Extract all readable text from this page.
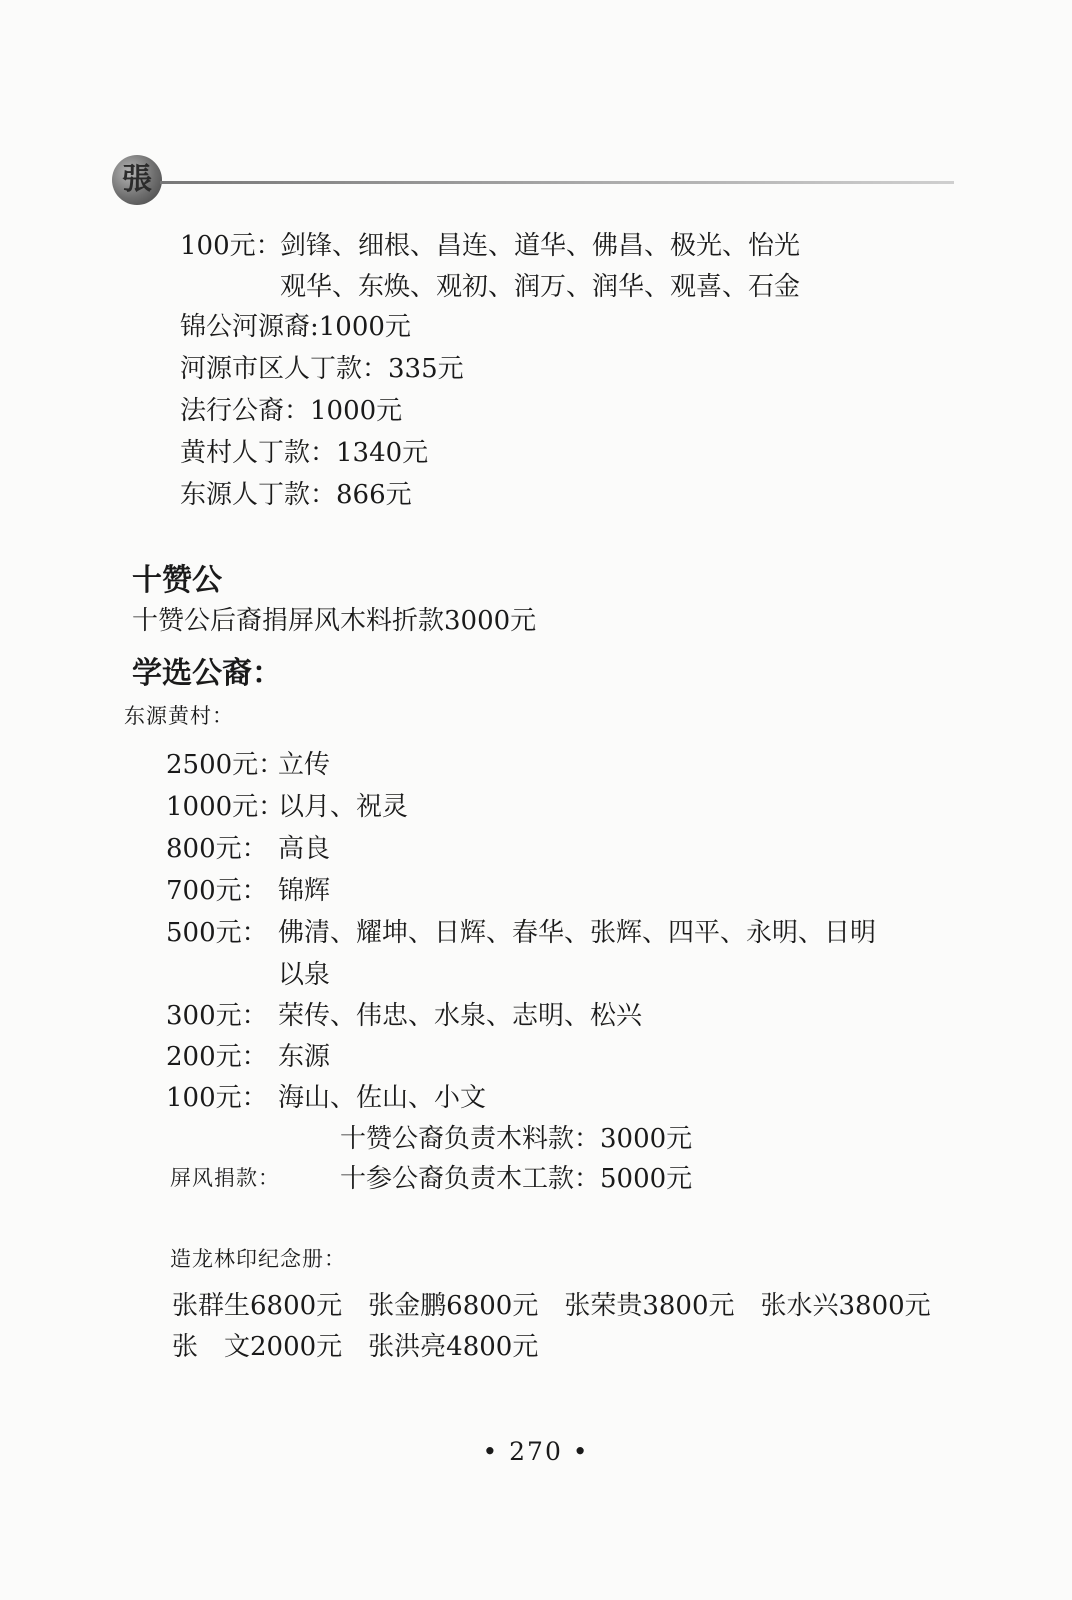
張
100元：剑锋、细根、昌连、道华、佛昌、极光、怡光
观华、东焕、观初、润万、润华、观喜、石金
锦公河源裔:1000元
河源市区人丁款：335元
法行公裔：1000元
黄村人丁款：1340元
东源人丁款：866元
十赞公
十赞公后裔捐屏风木料折款3000元
学选公裔：
东源黄村：
2500元：立传
1000元：以月、祝灵
800元： 高良
700元： 锦辉
500元： 佛清、耀坤、日辉、春华、张辉、四平、永明、日明
以泉
300元： 荣传、伟忠、水泉、志明、松兴
200元： 东源
100元： 海山、佐山、小文
十赞公裔负责木料款：3000元
屏风捐款： 十参公裔负责木工款：5000元
造龙林印纪念册：
张群生6800元 张金鹏6800元 张荣贵3800元 张水兴3800元
张　文2000元 张洪亮4800元
• 270 •
